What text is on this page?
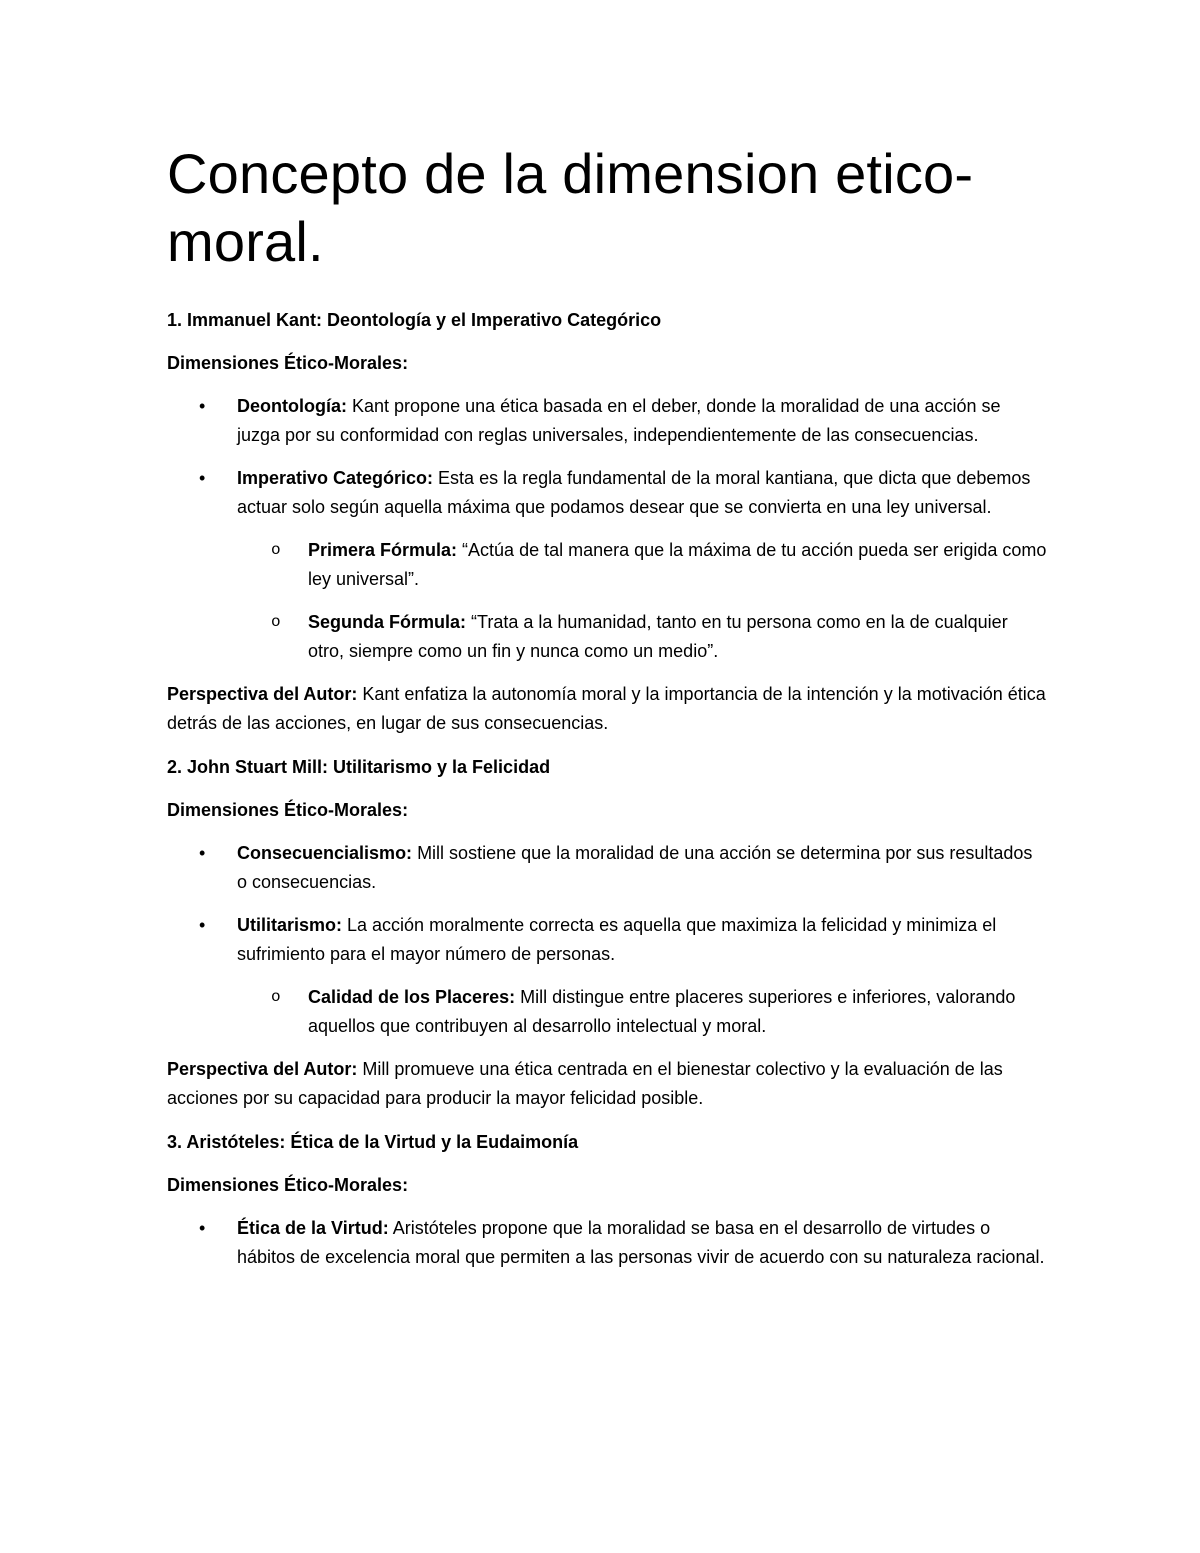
Concepto de la dimension etico-moral.
1. Immanuel Kant: Deontología y el Imperativo Categórico
Dimensiones Ético-Morales:
• Deontología: Kant propone una ética basada en el deber, donde la moralidad de una acción se juzga por su conformidad con reglas universales, independientemente de las consecuencias.
• Imperativo Categórico: Esta es la regla fundamental de la moral kantiana, que dicta que debemos actuar solo según aquella máxima que podamos desear que se convierta en una ley universal.
o Primera Fórmula: “Actúa de tal manera que la máxima de tu acción pueda ser erigida como ley universal”.
o Segunda Fórmula: “Trata a la humanidad, tanto en tu persona como en la de cualquier otro, siempre como un fin y nunca como un medio”.

Perspectiva del Autor: Kant enfatiza la autonomía moral y la importancia de la intención y la motivación ética detrás de las acciones, en lugar de sus consecuencias.

2. John Stuart Mill: Utilitarismo y la Felicidad
Dimensiones Ético-Morales:
• Consecuencialismo: Mill sostiene que la moralidad de una acción se determina por sus resultados o consecuencias.
• Utilitarismo: La acción moralmente correcta es aquella que maximiza la felicidad y minimiza el sufrimiento para el mayor número de personas.
o Calidad de los Placeres: Mill distingue entre placeres superiores e inferiores, valorando aquellos que contribuyen al desarrollo intelectual y moral.

Perspectiva del Autor: Mill promueve una ética centrada en el bienestar colectivo y la evaluación de las acciones por su capacidad para producir la mayor felicidad posible.

3. Aristóteles: Ética de la Virtud y la Eudaimonía
Dimensiones Ético-Morales:
• Ética de la Virtud: Aristóteles propone que la moralidad se basa en el desarrollo de virtudes o hábitos de excelencia moral que permiten a las personas vivir de acuerdo con su naturaleza racional.
